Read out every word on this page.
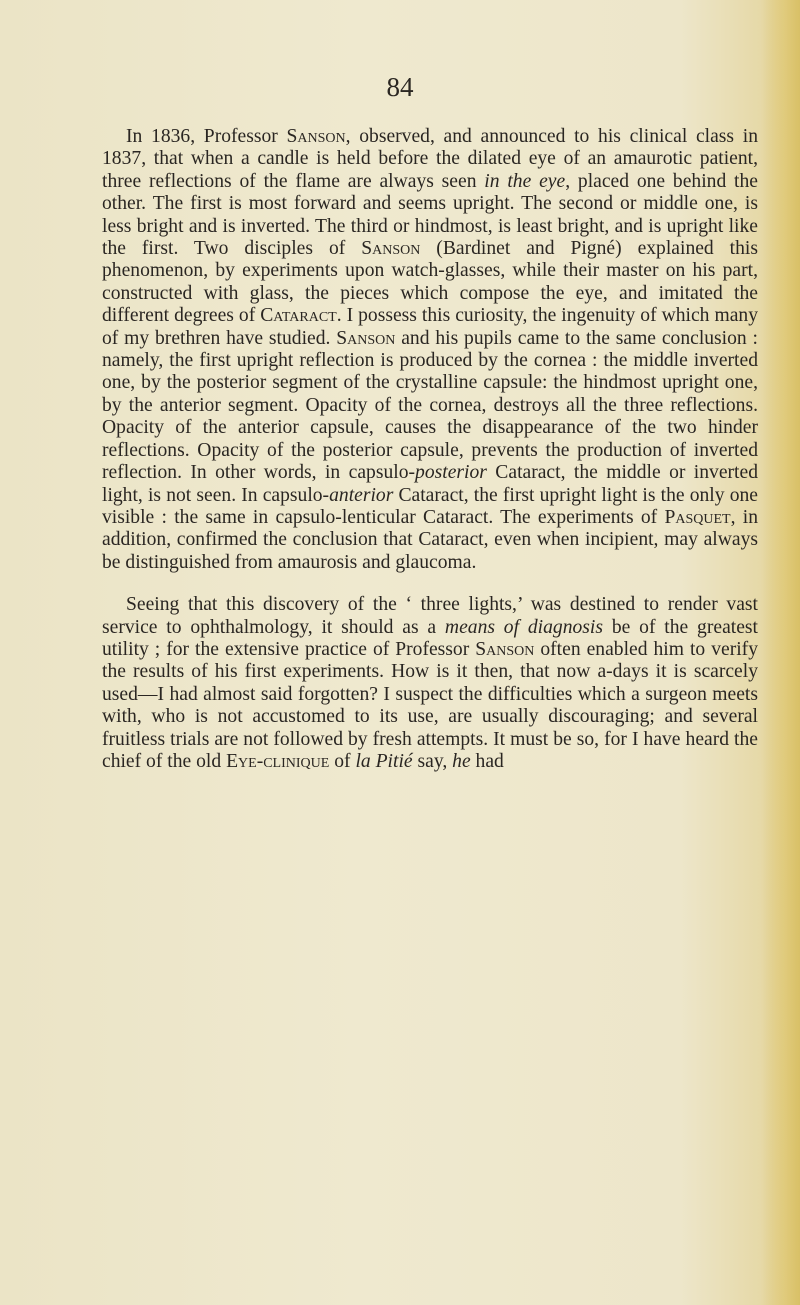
84

In 1836, Professor Sanson, observed, and announced to his clinical class in 1837, that when a candle is held before the dilated eye of an amaurotic patient, three reflections of the flame are always seen in the eye, placed one behind the other. The first is most forward and seems upright. The second or middle one, is less bright and is inverted. The third or hindmost, is least bright, and is upright like the first. Two disciples of Sanson (Bardinet and Pigné) explained this phenomenon, by experiments upon watch-glasses, while their master on his part, constructed with glass, the pieces which compose the eye, and imitated the different degrees of Cataract. I possess this curiosity, the ingenuity of which many of my brethren have studied. Sanson and his pupils came to the same conclusion : namely, the first upright reflection is produced by the cornea : the middle inverted one, by the posterior segment of the crystalline capsule: the hindmost upright one, by the anterior segment. Opacity of the cornea, destroys all the three reflections. Opacity of the anterior capsule, causes the disappearance of the two hinder reflections. Opacity of the posterior capsule, prevents the production of inverted reflection. In other words, in capsulo-posterior Cataract, the middle or inverted light, is not seen. In capsulo-anterior Cataract, the first upright light is the only one visible : the same in capsulo-lenticular Cataract. The experiments of Pasquet, in addition, confirmed the conclusion that Cataract, even when incipient, may always be distinguished from amaurosis and glaucoma.

Seeing that this discovery of the ‘ three lights,’ was destined to render vast service to ophthalmology, it should as a means of diagnosis be of the greatest utility ; for the extensive practice of Professor Sanson often enabled him to verify the results of his first experiments. How is it then, that now a-days it is scarcely used—I had almost said forgotten? I suspect the difficulties which a surgeon meets with, who is not accustomed to its use, are usually discouraging; and several fruitless trials are not followed by fresh attempts. It must be so, for I have heard the chief of the old Eye-clinique of la Pitié say, he had
